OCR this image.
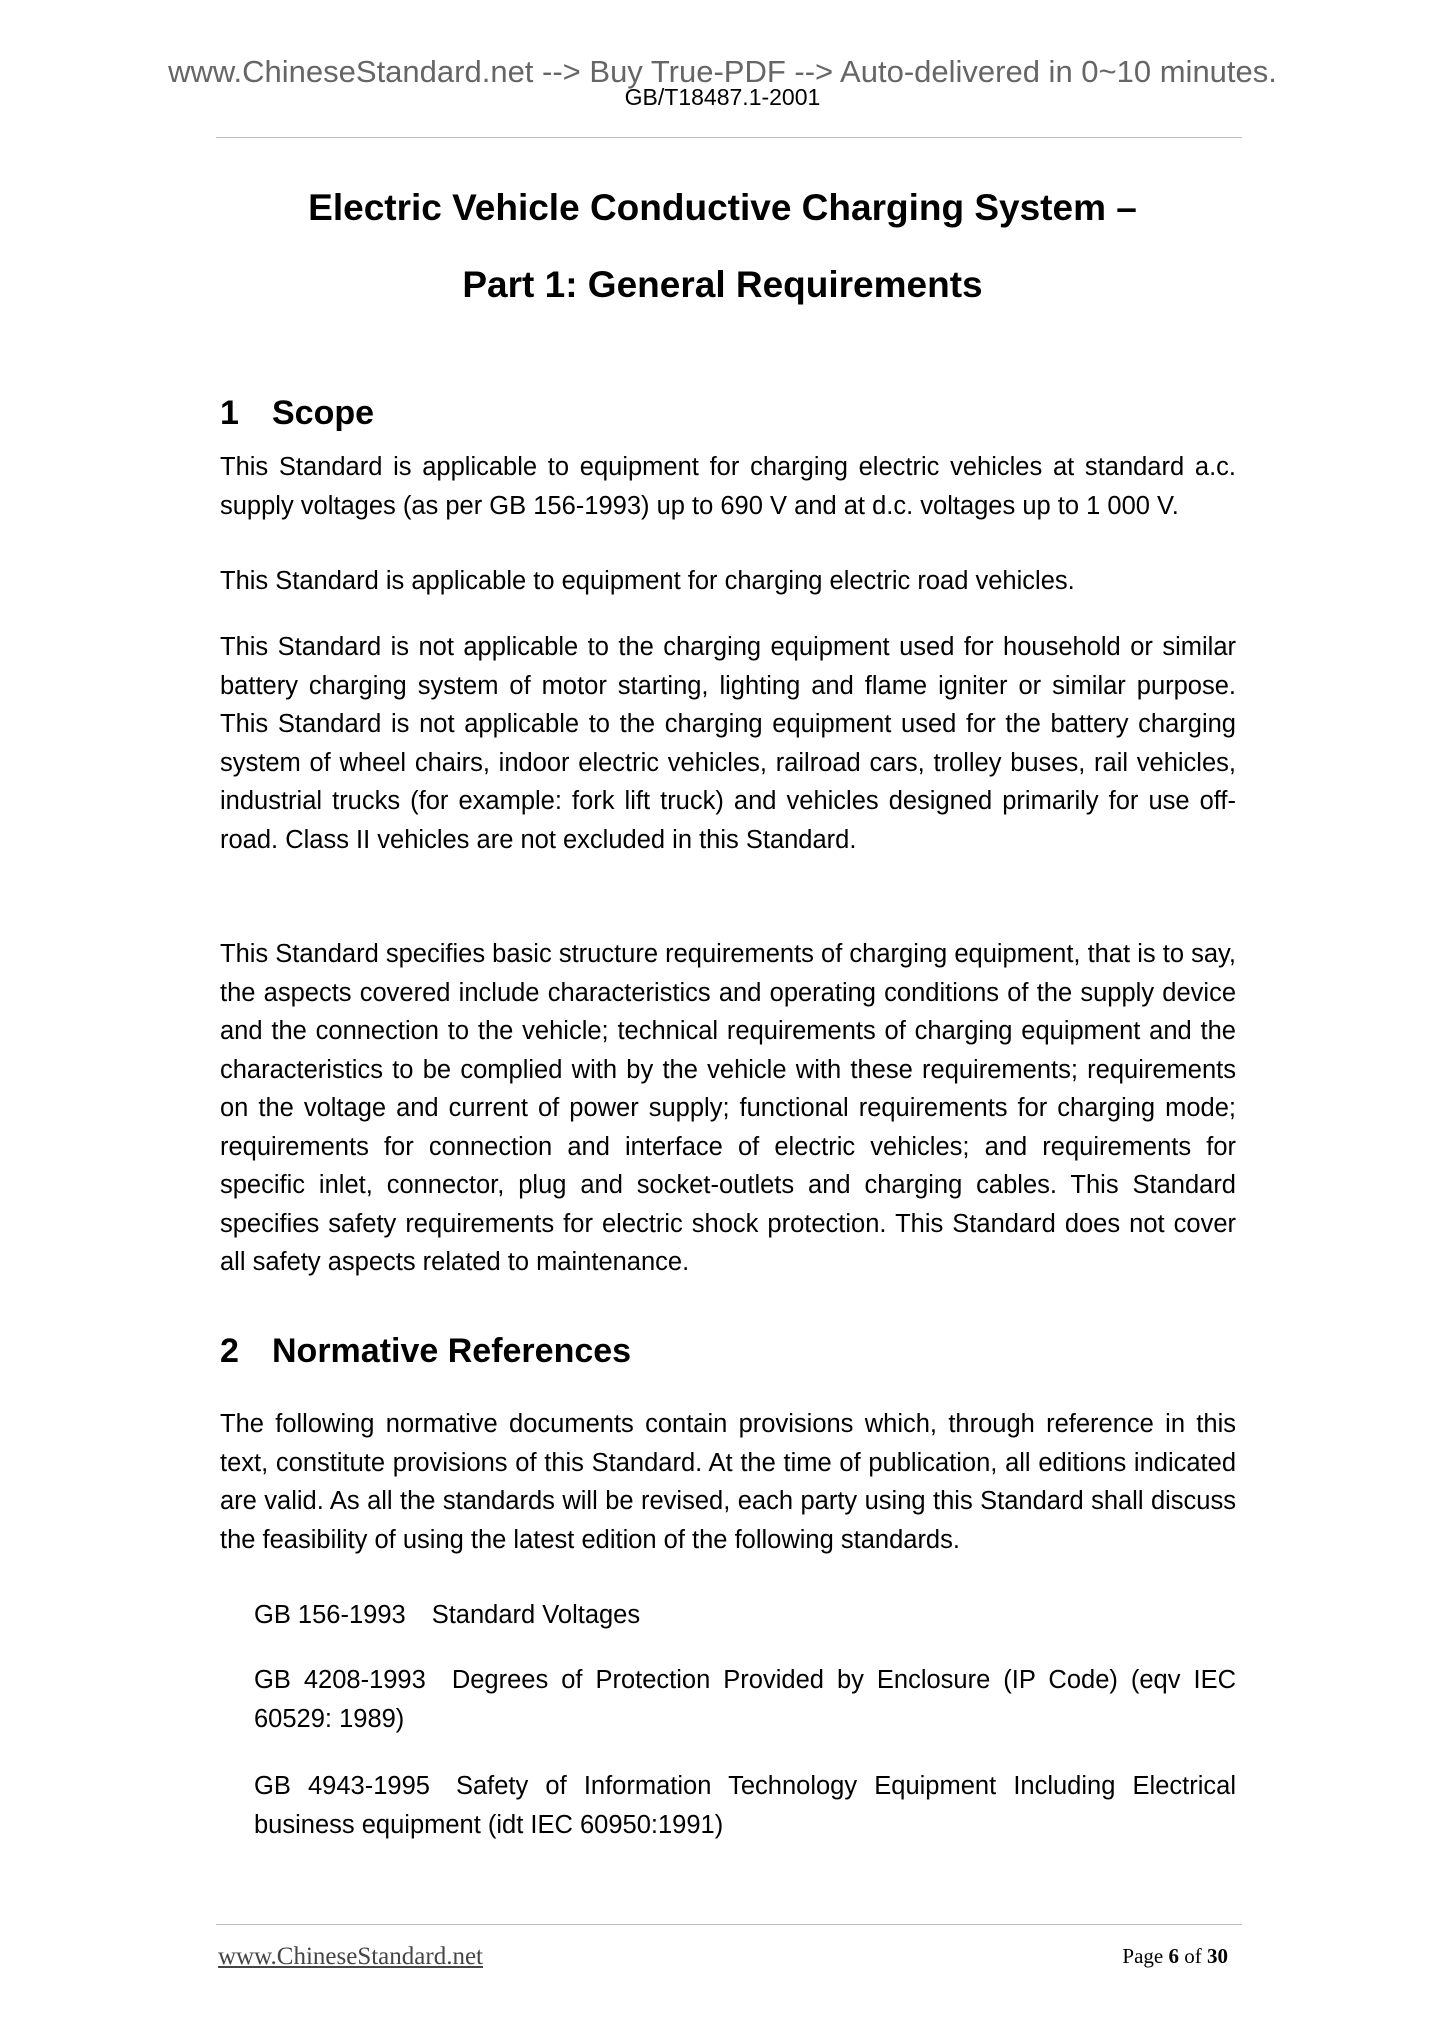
www.ChineseStandard.net --> Buy True-PDF --> Auto-delivered in 0~10 minutes.
GB/T18487.1-2001
Electric Vehicle Conductive Charging System –
Part 1: General Requirements
1 Scope

This Standard is applicable to equipment for charging electric vehicles at standard a.c. supply voltages (as per GB 156-1993) up to 690 V and at d.c. voltages up to 1 000 V.

This Standard is applicable to equipment for charging electric road vehicles.

This Standard is not applicable to the charging equipment used for household or similar battery charging system of motor starting, lighting and flame igniter or similar purpose. This Standard is not applicable to the charging equipment used for the battery charging system of wheel chairs, indoor electric vehicles, railroad cars, trolley buses, rail vehicles, industrial trucks (for example: fork lift truck) and vehicles designed primarily for use off-road. Class II vehicles are not excluded in this Standard.

This Standard specifies basic structure requirements of charging equipment, that is to say, the aspects covered include characteristics and operating conditions of the supply device and the connection to the vehicle; technical requirements of charging equipment and the characteristics to be complied with by the vehicle with these requirements; requirements on the voltage and current of power supply; functional requirements for charging mode; requirements for connection and interface of electric vehicles; and requirements for specific inlet, connector, plug and socket-outlets and charging cables. This Standard specifies safety requirements for electric shock protection. This Standard does not cover all safety aspects related to maintenance.

2 Normative References

The following normative documents contain provisions which, through reference in this text, constitute provisions of this Standard. At the time of publication, all editions indicated are valid. As all the standards will be revised, each party using this Standard shall discuss the feasibility of using the latest edition of the following standards.

GB 156-1993 Standard Voltages

GB 4208-1993 Degrees of Protection Provided by Enclosure (IP Code) (eqv IEC 60529: 1989)

GB 4943-1995 Safety of Information Technology Equipment Including Electrical business equipment (idt IEC 60950:1991)

www.ChineseStandard.net	Page 6 of 30
